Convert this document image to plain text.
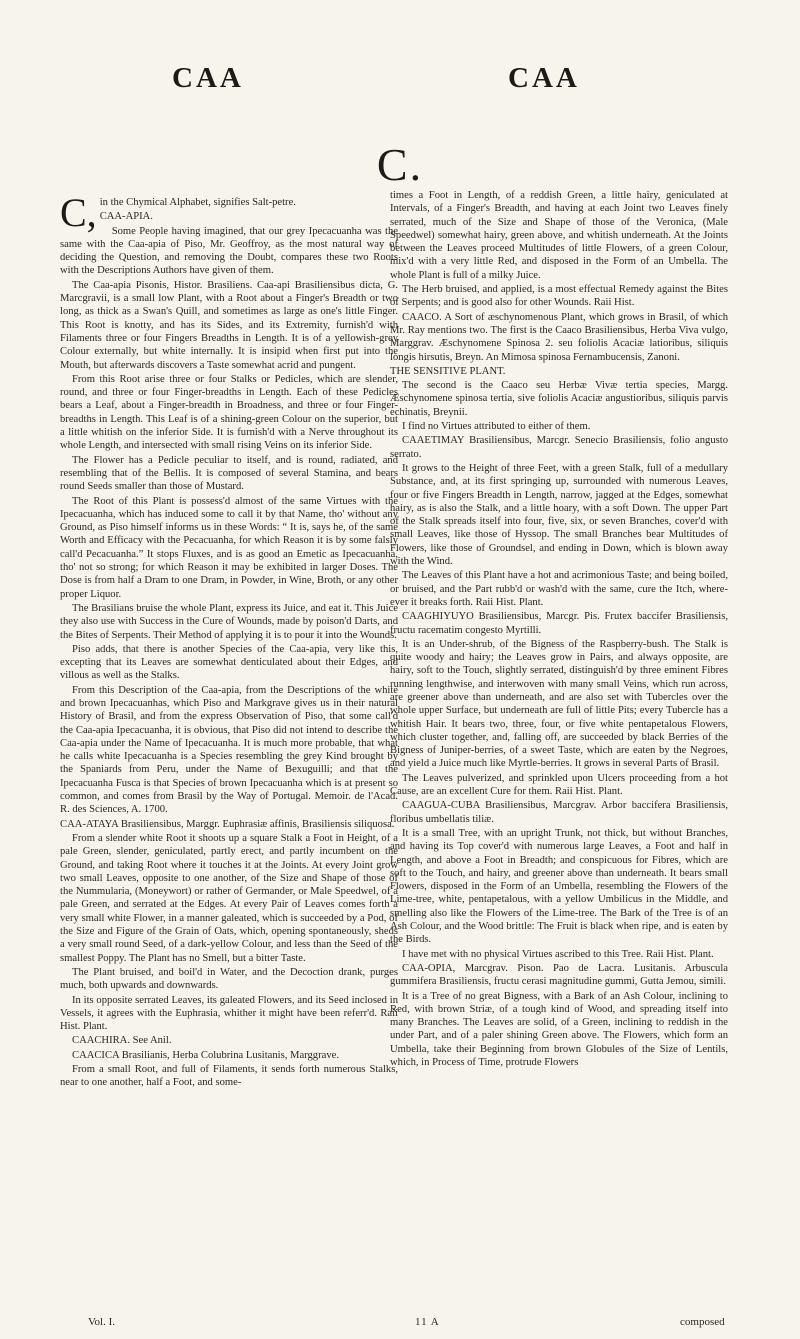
CAA	CAA
C.

C, in the Chymical Alphabet, signifies Salt-petre.

CAA-APIA.

Some People having imagined, that our grey Ipecacuanha was the same with the Caa-apia of Piso, Mr. Geoffroy, as the most natural way of deciding the Question, and removing the Doubt, compares these two Roots with the Descriptions Authors have given of them.

The Caa-apia Pisonis, Histor. Brasiliens. Caa-api Brasiliensibus dicta, G. Marcgravii, is a small low Plant, with a Root about a Finger's Breadth or two long, as thick as a Swan's Quill, and sometimes as large as one's little Finger. This Root is knotty, and has its Sides, and its Extremity, furnish'd with Filaments three or four Fingers Breadths in Length. It is of a yellowish-grey Colour externally, but white internally. It is insipid when first put into the Mouth, but afterwards discovers a Taste somewhat acrid and pungent.

From this Root arise three or four Stalks or Pedicles, which are slender, round, and three or four Finger-breadths in Length. Each of these Pedicles bears a Leaf, about a Finger-breadth in Broadness, and three or four Finger-breadths in Length. This Leaf is of a shining-green Colour on the superior, but a little whitish on the inferior Side. It is furnish'd with a Nerve throughout its whole Length, and intersected with small rising Veins on its inferior Side.

The Flower has a Pedicle peculiar to itself, and is round, radiated, and resembling that of the Bellis. It is composed of several Stamina, and bears round Seeds smaller than those of Mustard.

The Root of this Plant is possess'd almost of the same Virtues with the Ipecacuanha, which has induced some to call it by that Name, tho' without any Ground, as Piso himself informs us in these Words: “ It is, says he, of the same Worth and Efficacy with the Pecacuanha, for which Reason it is by some falsly call'd Pecacuanha.” It stops Fluxes, and is as good an Emetic as Ipecacuanha, tho' not so strong; for which Reason it may be exhibited in larger Doses. The Dose is from half a Dram to one Dram, in Powder, in Wine, Broth, or any other proper Liquor.

The Brasilians bruise the whole Plant, express its Juice, and eat it. This Juice they also use with Success in the Cure of Wounds, made by poison'd Darts, and the Bites of Serpents. Their Method of applying it is to pour it into the Wounds.

Piso adds, that there is another Species of the Caa-apia, very like this, excepting that its Leaves are somewhat denticulated about their Edges, and villous as well as the Stalks.

From this Description of the Caa-apia, from the Descriptions of the white and brown Ipecacuanhas, which Piso and Markgrave gives us in their natural History of Brasil, and from the express Observation of Piso, that some call'd the Caa-apia Ipecacuanha, it is obvious, that Piso did not intend to describe the Caa-apia under the Name of Ipecacuanha. It is much more probable, that what he calls white Ipecacuanha is a Species resembling the grey Kind brought by the Spaniards from Peru, under the Name of Bexuguilli; and that the Ipecacuanha Fusca is that Species of brown Ipecacuanha which is at present so common, and comes from Brasil by the Way of Portugal. Memoir. de l'Acad. R. des Sciences, A. 1700.

CAA-ATAYA Brasiliensibus, Marggr. Euphrasiæ affinis, Brasiliensis siliquosa.

From a slender white Root it shoots up a square Stalk a Foot in Height, of a pale Green, slender, geniculated, partly erect, and partly incumbent on the Ground, and taking Root where it touches it at the Joints. At every Joint grow two small Leaves, opposite to one another, of the Size and Shape of those of the Nummularia, (Moneywort) or rather of Germander, or Male Speedwel, of a pale Green, and serrated at the Edges. At every Pair of Leaves comes forth a very small white Flower, in a manner galeated, which is succeeded by a Pod, of the Size and Figure of the Grain of Oats, which, opening spontaneously, sheds a very small round Seed, of a dark-yellow Colour, and less than the Seed of the smallest Poppy. The Plant has no Smell, but a bitter Taste.

The Plant bruised, and boil'd in Water, and the Decoction drank, purges much, both upwards and downwards.

In its opposite serrated Leaves, its galeated Flowers, and its Seed inclosed in Vessels, it agrees with the Euphrasia, whither it might have been referr'd. Raii Hist. Plant.

CAACHIRA. See Anil.

CAACICA Brasilianis, Herba Colubrina Lusitanis, Marggrave.

From a small Root, and full of Filaments, it sends forth numerous Stalks, near to one another, half a Foot, and some-

times a Foot in Length, of a reddish Green, a little hairy, geniculated at Intervals, of a Finger's Breadth, and having at each Joint two Leaves finely serrated, much of the Size and Shape of those of the Veronica, (Male Speedwel) somewhat hairy, green above, and whitish underneath. At the Joints between the Leaves proceed Multitudes of little Flowers, of a green Colour, mix'd with a very little Red, and disposed in the Form of an Umbella. The whole Plant is full of a milky Juice.

The Herb bruised, and applied, is a most effectual Remedy against the Bites of Serpents; and is good also for other Wounds. Raii Hist.

CAACO. A Sort of æschynomenous Plant, which grows in Brasil, of which Mr. Ray mentions two. The first is the Caaco Brasiliensibus, Herba Viva vulgo, Marggrav. Æschynomene Spinosa 2. seu foliolis Acaciæ latioribus, siliquis longis hirsutis, Breyn. An Mimosa spinosa Fernambucensis, Zanoni.

THE SENSITIVE PLANT.

The second is the Caaco seu Herbæ Vivæ tertia species, Margg. Æschynomene spinosa tertia, sive foliolis Acaciæ angustioribus, siliquis parvis echinatis, Breynii.

I find no Virtues attributed to either of them.

CAAETIMAY Brasiliensibus, Marcgr. Senecio Brasiliensis, folio angusto serrato.

It grows to the Height of three Feet, with a green Stalk, full of a medullary Substance, and, at its first springing up, surrounded with numerous Leaves, four or five Fingers Breadth in Length, narrow, jagged at the Edges, somewhat hairy, as is also the Stalk, and a little hoary, with a soft Down. The upper Part of the Stalk spreads itself into four, five, six, or seven Branches, cover'd with small Leaves, like those of Hyssop. The small Branches bear Multitudes of Flowers, like those of Groundsel, and ending in Down, which is blown away with the Wind.

The Leaves of this Plant have a hot and acrimonious Taste; and being boiled, or bruised, and the Part rubb'd or wash'd with the same, cure the Itch, where-ever it breaks forth. Raii Hist. Plant.

CAAGHIYUYO Brasiliensibus, Marcgr. Pis. Frutex baccifer Brasiliensis, fructu racematim congesto Myrtilli.

It is an Under-shrub, of the Bigness of the Raspberry-bush. The Stalk is quite woody and hairy; the Leaves grow in Pairs, and always opposite, are hairy, soft to the Touch, slightly serrated, distinguish'd by three eminent Fibres running lengthwise, and interwoven with many small Veins, which run across, are greener above than underneath, and are also set with Tubercles over the whole upper Surface, but underneath are full of little Pits; every Tubercle has a whitish Hair. It bears two, three, four, or five white pentapetalous Flowers, which cluster together, and, falling off, are succeeded by black Berries of the Bigness of Juniper-berries, of a sweet Taste, which are eaten by the Negroes, and yield a Juice much like Myrtle-berries. It grows in several Parts of Brasil.

The Leaves pulverized, and sprinkled upon Ulcers proceeding from a hot Cause, are an excellent Cure for them. Raii Hist. Plant.

CAAGUA-CUBA Brasiliensibus, Marcgrav. Arbor baccifera Brasiliensis, floribus umbellatis tiliæ.

It is a small Tree, with an upright Trunk, not thick, but without Branches, and having its Top cover'd with numerous large Leaves, a Foot and half in Length, and above a Foot in Breadth; and conspicuous for Fibres, which are soft to the Touch, and hairy, and greener above than underneath. It bears small Flowers, disposed in the Form of an Umbella, resembling the Flowers of the Lime-tree, white, pentapetalous, with a yellow Umbilicus in the Middle, and smelling also like the Flowers of the Lime-tree. The Bark of the Tree is of an Ash Colour, and the Wood brittle: The Fruit is black when ripe, and is eaten by the Birds.

I have met with no physical Virtues ascribed to this Tree. Raii Hist. Plant.

CAA-OPIA, Marcgrav. Pison. Pao de Lacra. Lusitanis. Arbuscula gummifera Brasiliensis, fructu cerasi magnitudine gummi, Gutta Jemou, simili.

It is a Tree of no great Bigness, with a Bark of an Ash Colour, inclining to Red, with brown Striæ, of a tough kind of Wood, and spreading itself into many Branches. The Leaves are solid, of a Green, inclining to reddish in the under Part, and of a paler shining Green above. The Flowers, which form an Umbella, take their Beginning from brown Globules of the Size of Lentils, which, in Process of Time, protrude Flowers

Vol. I.	11 A	composed
